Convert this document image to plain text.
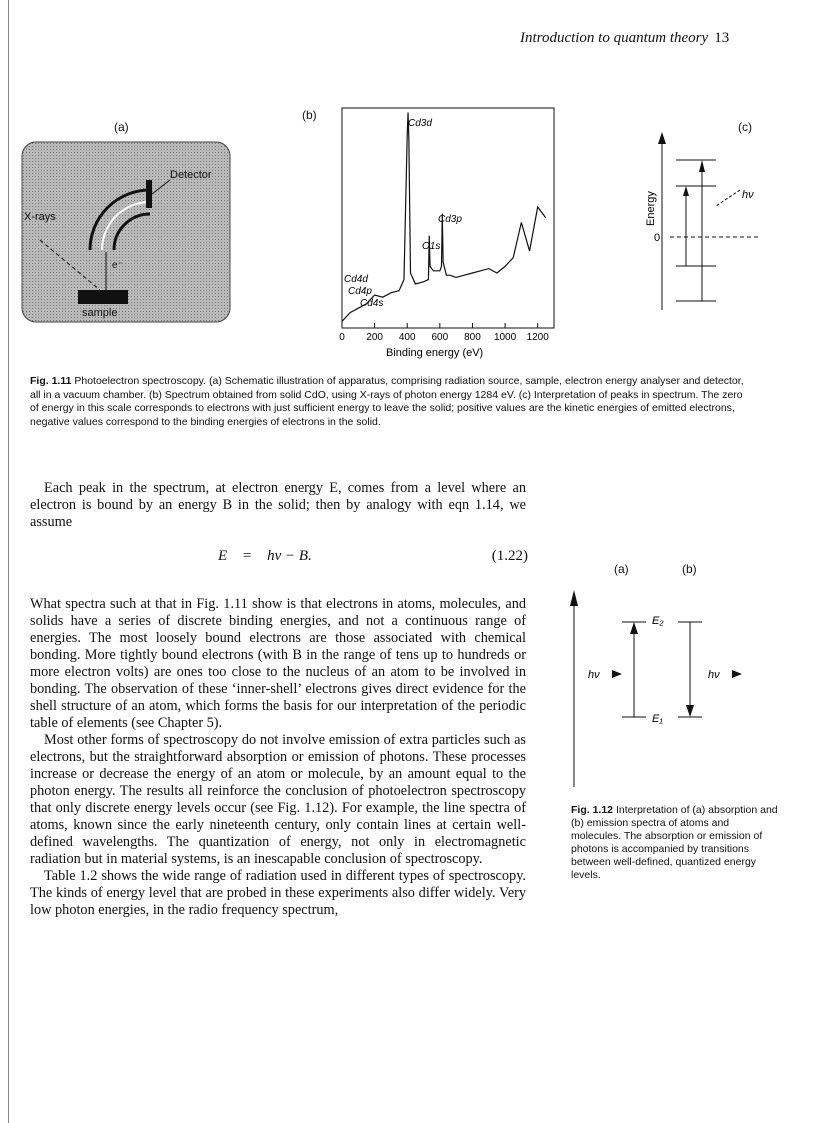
Introduction to quantum theory 13
(a)
Detector
X-rays
e⁻
sample
(b)
Cd3d
Cd3p
O1s
Cd4d
Cd4p
Cd4s
0 200 400 600 800 1000 1200
Binding energy (eV)
(c)
Energy
0
hν
Fig. 1.11 Photoelectron spectroscopy. (a) Schematic illustration of apparatus, comprising radiation source, sample, electron energy analyser and detector, all in a vacuum chamber. (b) Spectrum obtained from solid CdO, using X-rays of photon energy 1284 eV. (c) Interpretation of peaks in spectrum. The zero of energy in this scale corresponds to electrons with just sufficient energy to leave the solid; positive values are the kinetic energies of emitted electrons, negative values correspond to the binding energies of electrons in the solid.

Each peak in the spectrum, at electron energy E, comes from a level where an electron is bound by an energy B in the solid; then by analogy with eqn 1.14, we assume

E = hν − B.	(1.22)

What spectra such at that in Fig. 1.11 show is that electrons in atoms, molecules, and solids have a series of discrete binding energies, and not a continuous range of energies. The most loosely bound electrons are those associated with chemical bonding. More tightly bound electrons (with B in the range of tens up to hundreds or more electron volts) are ones too close to the nucleus of an atom to be involved in bonding. The observation of these ‘inner-shell’ electrons gives direct evidence for the shell structure of an atom, which forms the basis for our interpretation of the periodic table of elements (see Chapter 5).

Most other forms of spectroscopy do not involve emission of extra particles such as electrons, but the straightforward absorption or emission of photons. These processes increase or decrease the energy of an atom or molecule, by an amount equal to the photon energy. The results all reinforce the conclusion of photoelectron spectroscopy that only discrete energy levels occur (see Fig. 1.12). For example, the line spectra of atoms, known since the early nineteenth century, only contain lines at certain well-defined wavelengths. The quantization of energy, not only in electromagnetic radiation but in material systems, is an inescapable conclusion of spectroscopy.

Table 1.2 shows the wide range of radiation used in different types of spectroscopy. The kinds of energy level that are probed in these experiments also differ widely. Very low photon energies, in the radio frequency spectrum,

(a)	(b)
E₂
E₁
hν	hν
Fig. 1.12 Interpretation of (a) absorption and (b) emission spectra of atoms and molecules. The absorption or emission of photons is accompanied by transitions between well-defined, quantized energy levels.
